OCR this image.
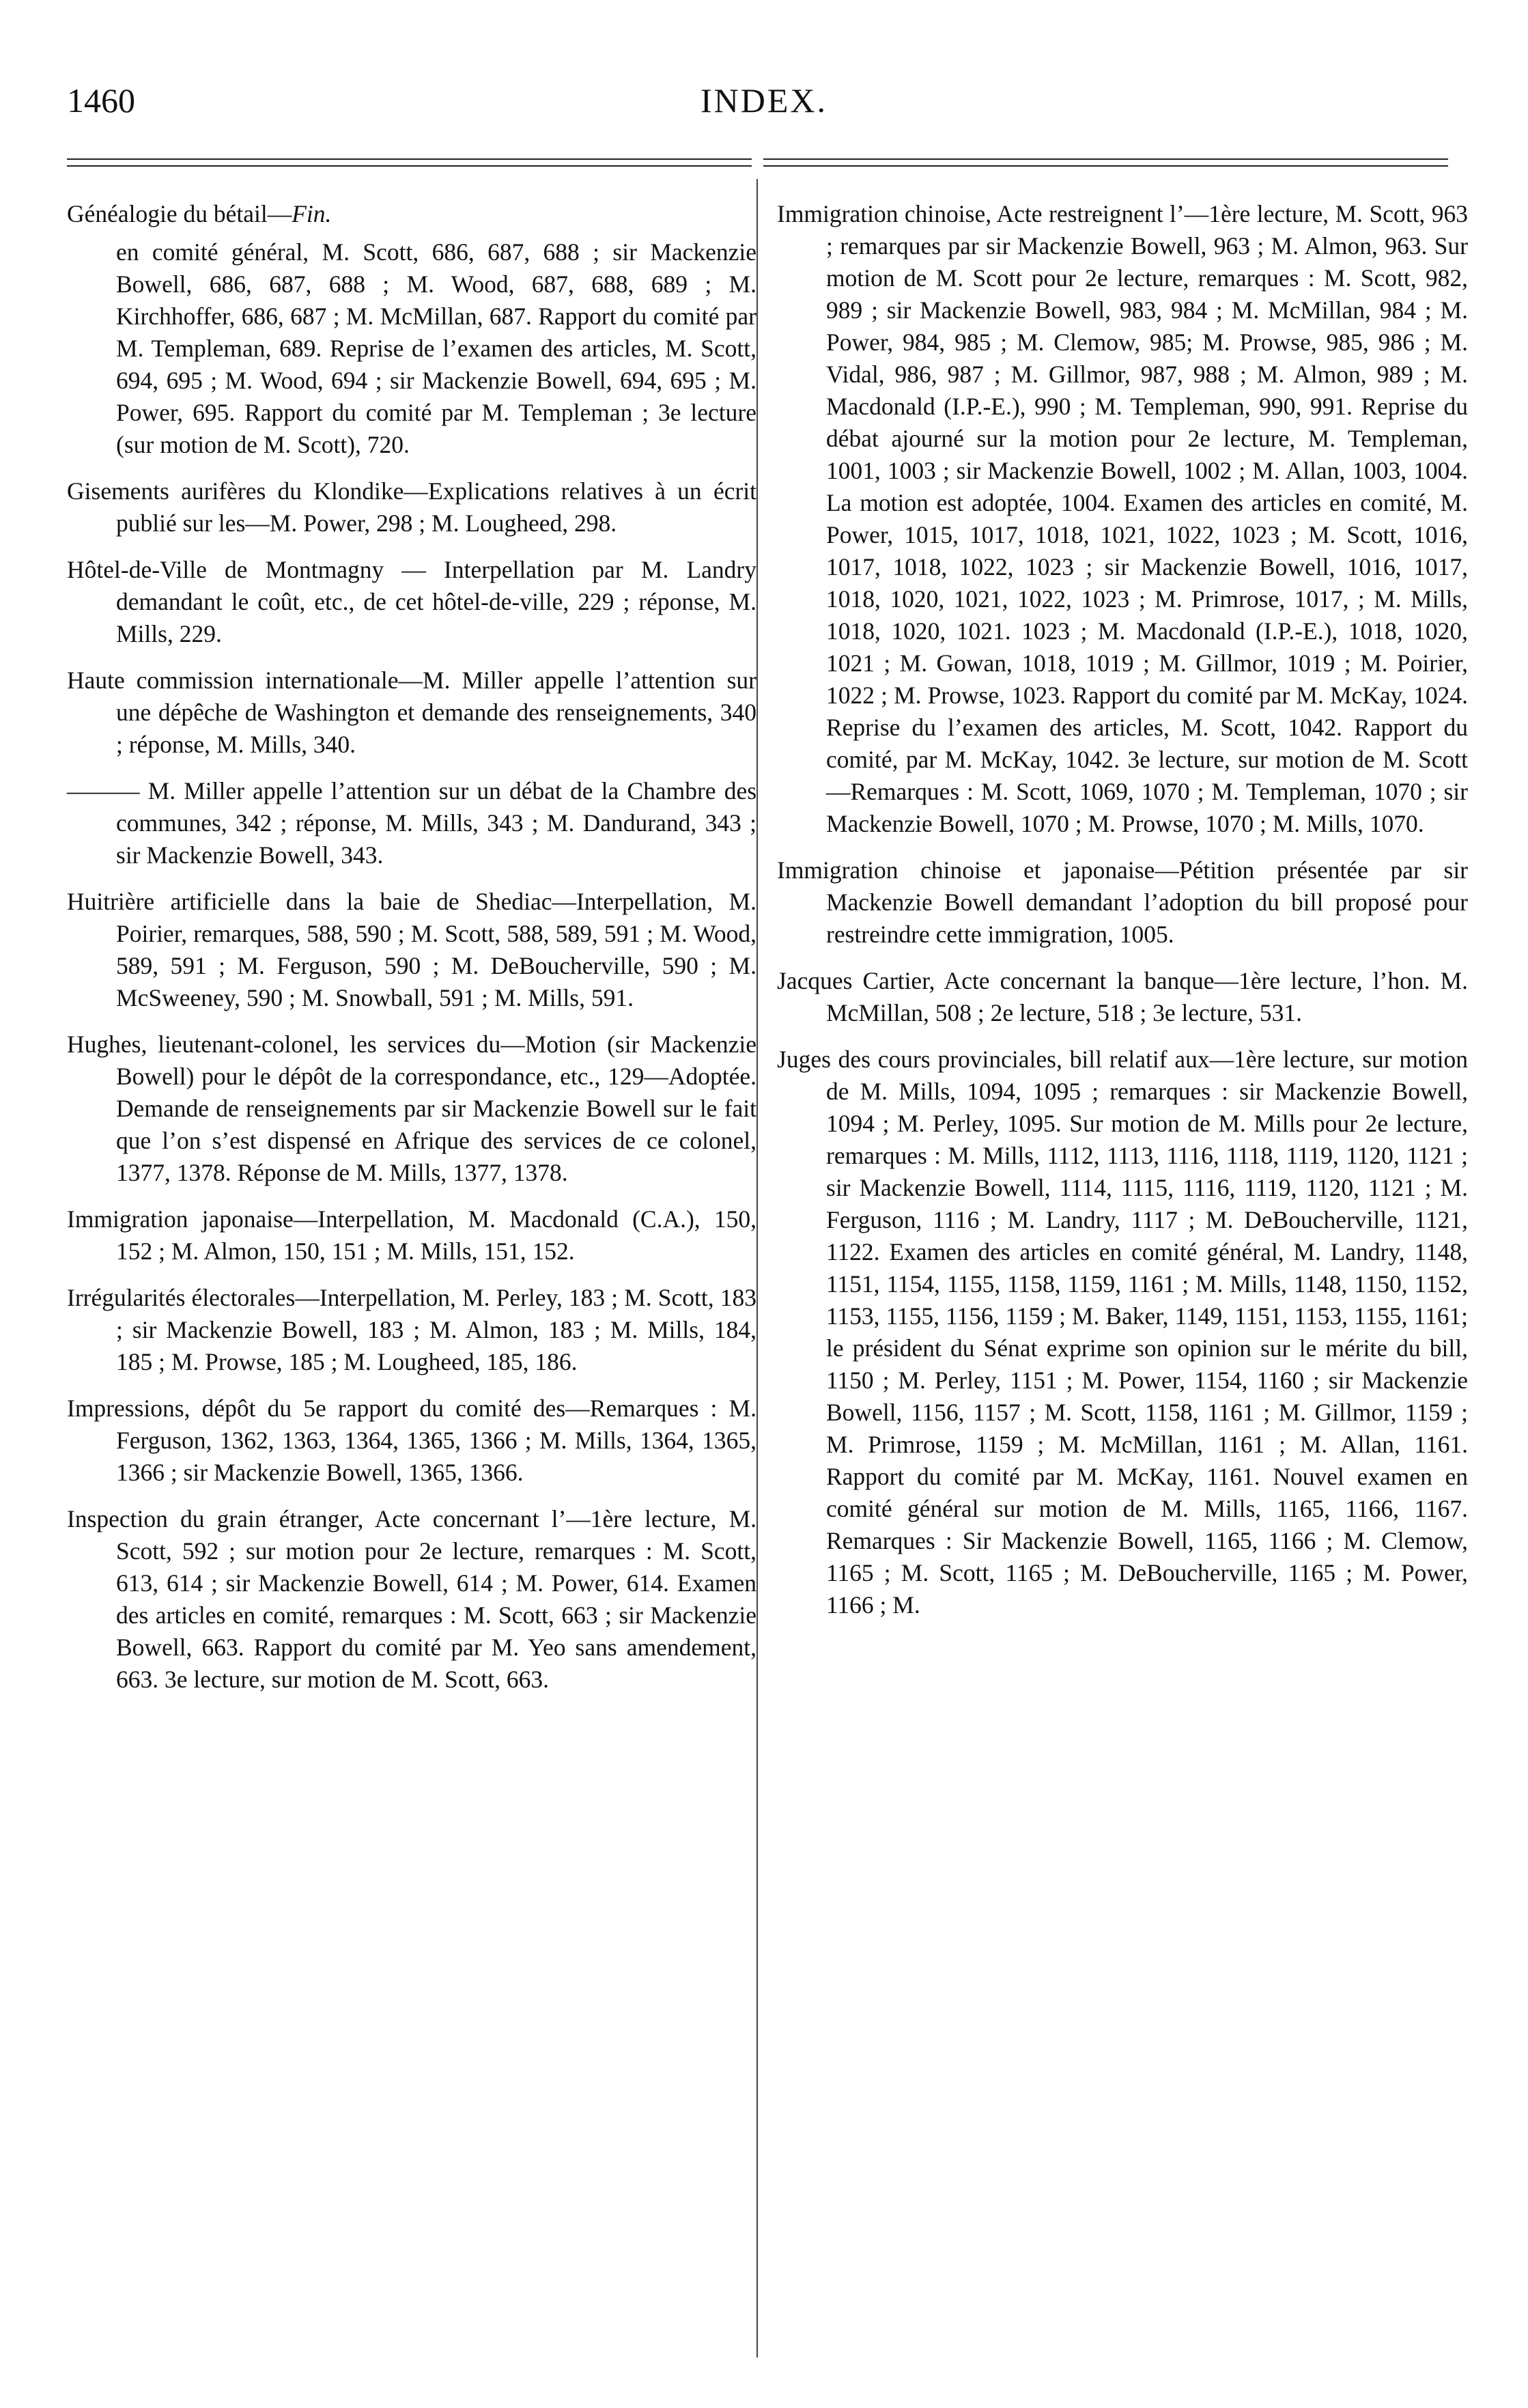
1460	INDEX.

Généalogie du bétail—Fin.

en comité général, M. Scott, 686, 687, 688 ; sir Mackenzie Bowell, 686, 687, 688 ; M. Wood, 687, 688, 689 ; M. Kirchhoffer, 686, 687 ; M. McMillan, 687. Rapport du comité par M. Templeman, 689. Reprise de l’examen des articles, M. Scott, 694, 695 ; M. Wood, 694 ; sir Mackenzie Bowell, 694, 695 ; M. Power, 695. Rapport du comité par M. Templeman ; 3e lecture (sur motion de M. Scott), 720.

Gisements aurifères du Klondike—Explications relatives à un écrit publié sur les—M. Power, 298 ; M. Lougheed, 298.

Hôtel-de-Ville de Montmagny — Interpellation par M. Landry demandant le coût, etc., de cet hôtel-de-ville, 229 ; réponse, M. Mills, 229.

Haute commission internationale—M. Miller appelle l’attention sur une dépêche de Washington et demande des renseignements, 340 ; réponse, M. Mills, 340.

——— M. Miller appelle l’attention sur un débat de la Chambre des communes, 342 ; réponse, M. Mills, 343 ; M. Dandurand, 343 ; sir Mackenzie Bowell, 343.

Huitrière artificielle dans la baie de Shediac—Interpellation, M. Poirier, remarques, 588, 590 ; M. Scott, 588, 589, 591 ; M. Wood, 589, 591 ; M. Ferguson, 590 ; M. DeBoucherville, 590 ; M. McSweeney, 590 ; M. Snowball, 591 ; M. Mills, 591.

Hughes, lieutenant-colonel, les services du—Motion (sir Mackenzie Bowell) pour le dépôt de la correspondance, etc., 129—Adoptée. Demande de renseignements par sir Mackenzie Bowell sur le fait que l’on s’est dispensé en Afrique des services de ce colonel, 1377, 1378. Réponse de M. Mills, 1377, 1378.

Immigration japonaise—Interpellation, M. Macdonald (C.A.), 150, 152 ; M. Almon, 150, 151 ; M. Mills, 151, 152.

Irrégularités électorales—Interpellation, M. Perley, 183 ; M. Scott, 183 ; sir Mackenzie Bowell, 183 ; M. Almon, 183 ; M. Mills, 184, 185 ; M. Prowse, 185 ; M. Lougheed, 185, 186.

Impressions, dépôt du 5e rapport du comité des—Remarques : M. Ferguson, 1362, 1363, 1364, 1365, 1366 ; M. Mills, 1364, 1365, 1366 ; sir Mackenzie Bowell, 1365, 1366.

Inspection du grain étranger, Acte concernant l’—1ère lecture, M. Scott, 592 ; sur motion pour 2e lecture, remarques : M. Scott, 613, 614 ; sir Mackenzie Bowell, 614 ; M. Power, 614. Examen des articles en comité, remarques : M. Scott, 663 ; sir Mackenzie Bowell, 663. Rapport du comité par M. Yeo sans amendement, 663. 3e lecture, sur motion de M. Scott, 663.

Immigration chinoise, Acte restreignent l’—1ère lecture, M. Scott, 963 ; remarques par sir Mackenzie Bowell, 963 ; M. Almon, 963. Sur motion de M. Scott pour 2e lecture, remarques : M. Scott, 982, 989 ; sir Mackenzie Bowell, 983, 984 ; M. McMillan, 984 ; M. Power, 984, 985 ; M. Clemow, 985; M. Prowse, 985, 986 ; M. Vidal, 986, 987 ; M. Gillmor, 987, 988 ; M. Almon, 989 ; M. Macdonald (I.P.-E.), 990 ; M. Templeman, 990, 991. Reprise du débat ajourné sur la motion pour 2e lecture, M. Templeman, 1001, 1003 ; sir Mackenzie Bowell, 1002 ; M. Allan, 1003, 1004. La motion est adoptée, 1004. Examen des articles en comité, M. Power, 1015, 1017, 1018, 1021, 1022, 1023 ; M. Scott, 1016, 1017, 1018, 1022, 1023 ; sir Mackenzie Bowell, 1016, 1017, 1018, 1020, 1021, 1022, 1023 ; M. Primrose, 1017, ; M. Mills, 1018, 1020, 1021. 1023 ; M. Macdonald (I.P.-E.), 1018, 1020, 1021 ; M. Gowan, 1018, 1019 ; M. Gillmor, 1019 ; M. Poirier, 1022 ; M. Prowse, 1023. Rapport du comité par M. McKay, 1024. Reprise du l’examen des articles, M. Scott, 1042. Rapport du comité, par M. McKay, 1042. 3e lecture, sur motion de M. Scott—Remarques : M. Scott, 1069, 1070 ; M. Templeman, 1070 ; sir Mackenzie Bowell, 1070 ; M. Prowse, 1070 ; M. Mills, 1070.

Immigration chinoise et japonaise—Pétition présentée par sir Mackenzie Bowell demandant l’adoption du bill proposé pour restreindre cette immigration, 1005.

Jacques Cartier, Acte concernant la banque—1ère lecture, l’hon. M. McMillan, 508 ; 2e lecture, 518 ; 3e lecture, 531.

Juges des cours provinciales, bill relatif aux—1ère lecture, sur motion de M. Mills, 1094, 1095 ; remarques : sir Mackenzie Bowell, 1094 ; M. Perley, 1095. Sur motion de M. Mills pour 2e lecture, remarques : M. Mills, 1112, 1113, 1116, 1118, 1119, 1120, 1121 ; sir Mackenzie Bowell, 1114, 1115, 1116, 1119, 1120, 1121 ; M. Ferguson, 1116 ; M. Landry, 1117 ; M. DeBoucherville, 1121, 1122. Examen des articles en comité général, M. Landry, 1148, 1151, 1154, 1155, 1158, 1159, 1161 ; M. Mills, 1148, 1150, 1152, 1153, 1155, 1156, 1159 ; M. Baker, 1149, 1151, 1153, 1155, 1161; le président du Sénat exprime son opinion sur le mérite du bill, 1150 ; M. Perley, 1151 ; M. Power, 1154, 1160 ; sir Mackenzie Bowell, 1156, 1157 ; M. Scott, 1158, 1161 ; M. Gillmor, 1159 ; M. Primrose, 1159 ; M. McMillan, 1161 ; M. Allan, 1161. Rapport du comité par M. McKay, 1161. Nouvel examen en comité général sur motion de M. Mills, 1165, 1166, 1167. Remarques : Sir Mackenzie Bowell, 1165, 1166 ; M. Clemow, 1165 ; M. Scott, 1165 ; M. DeBoucherville, 1165 ; M. Power, 1166 ; M.
